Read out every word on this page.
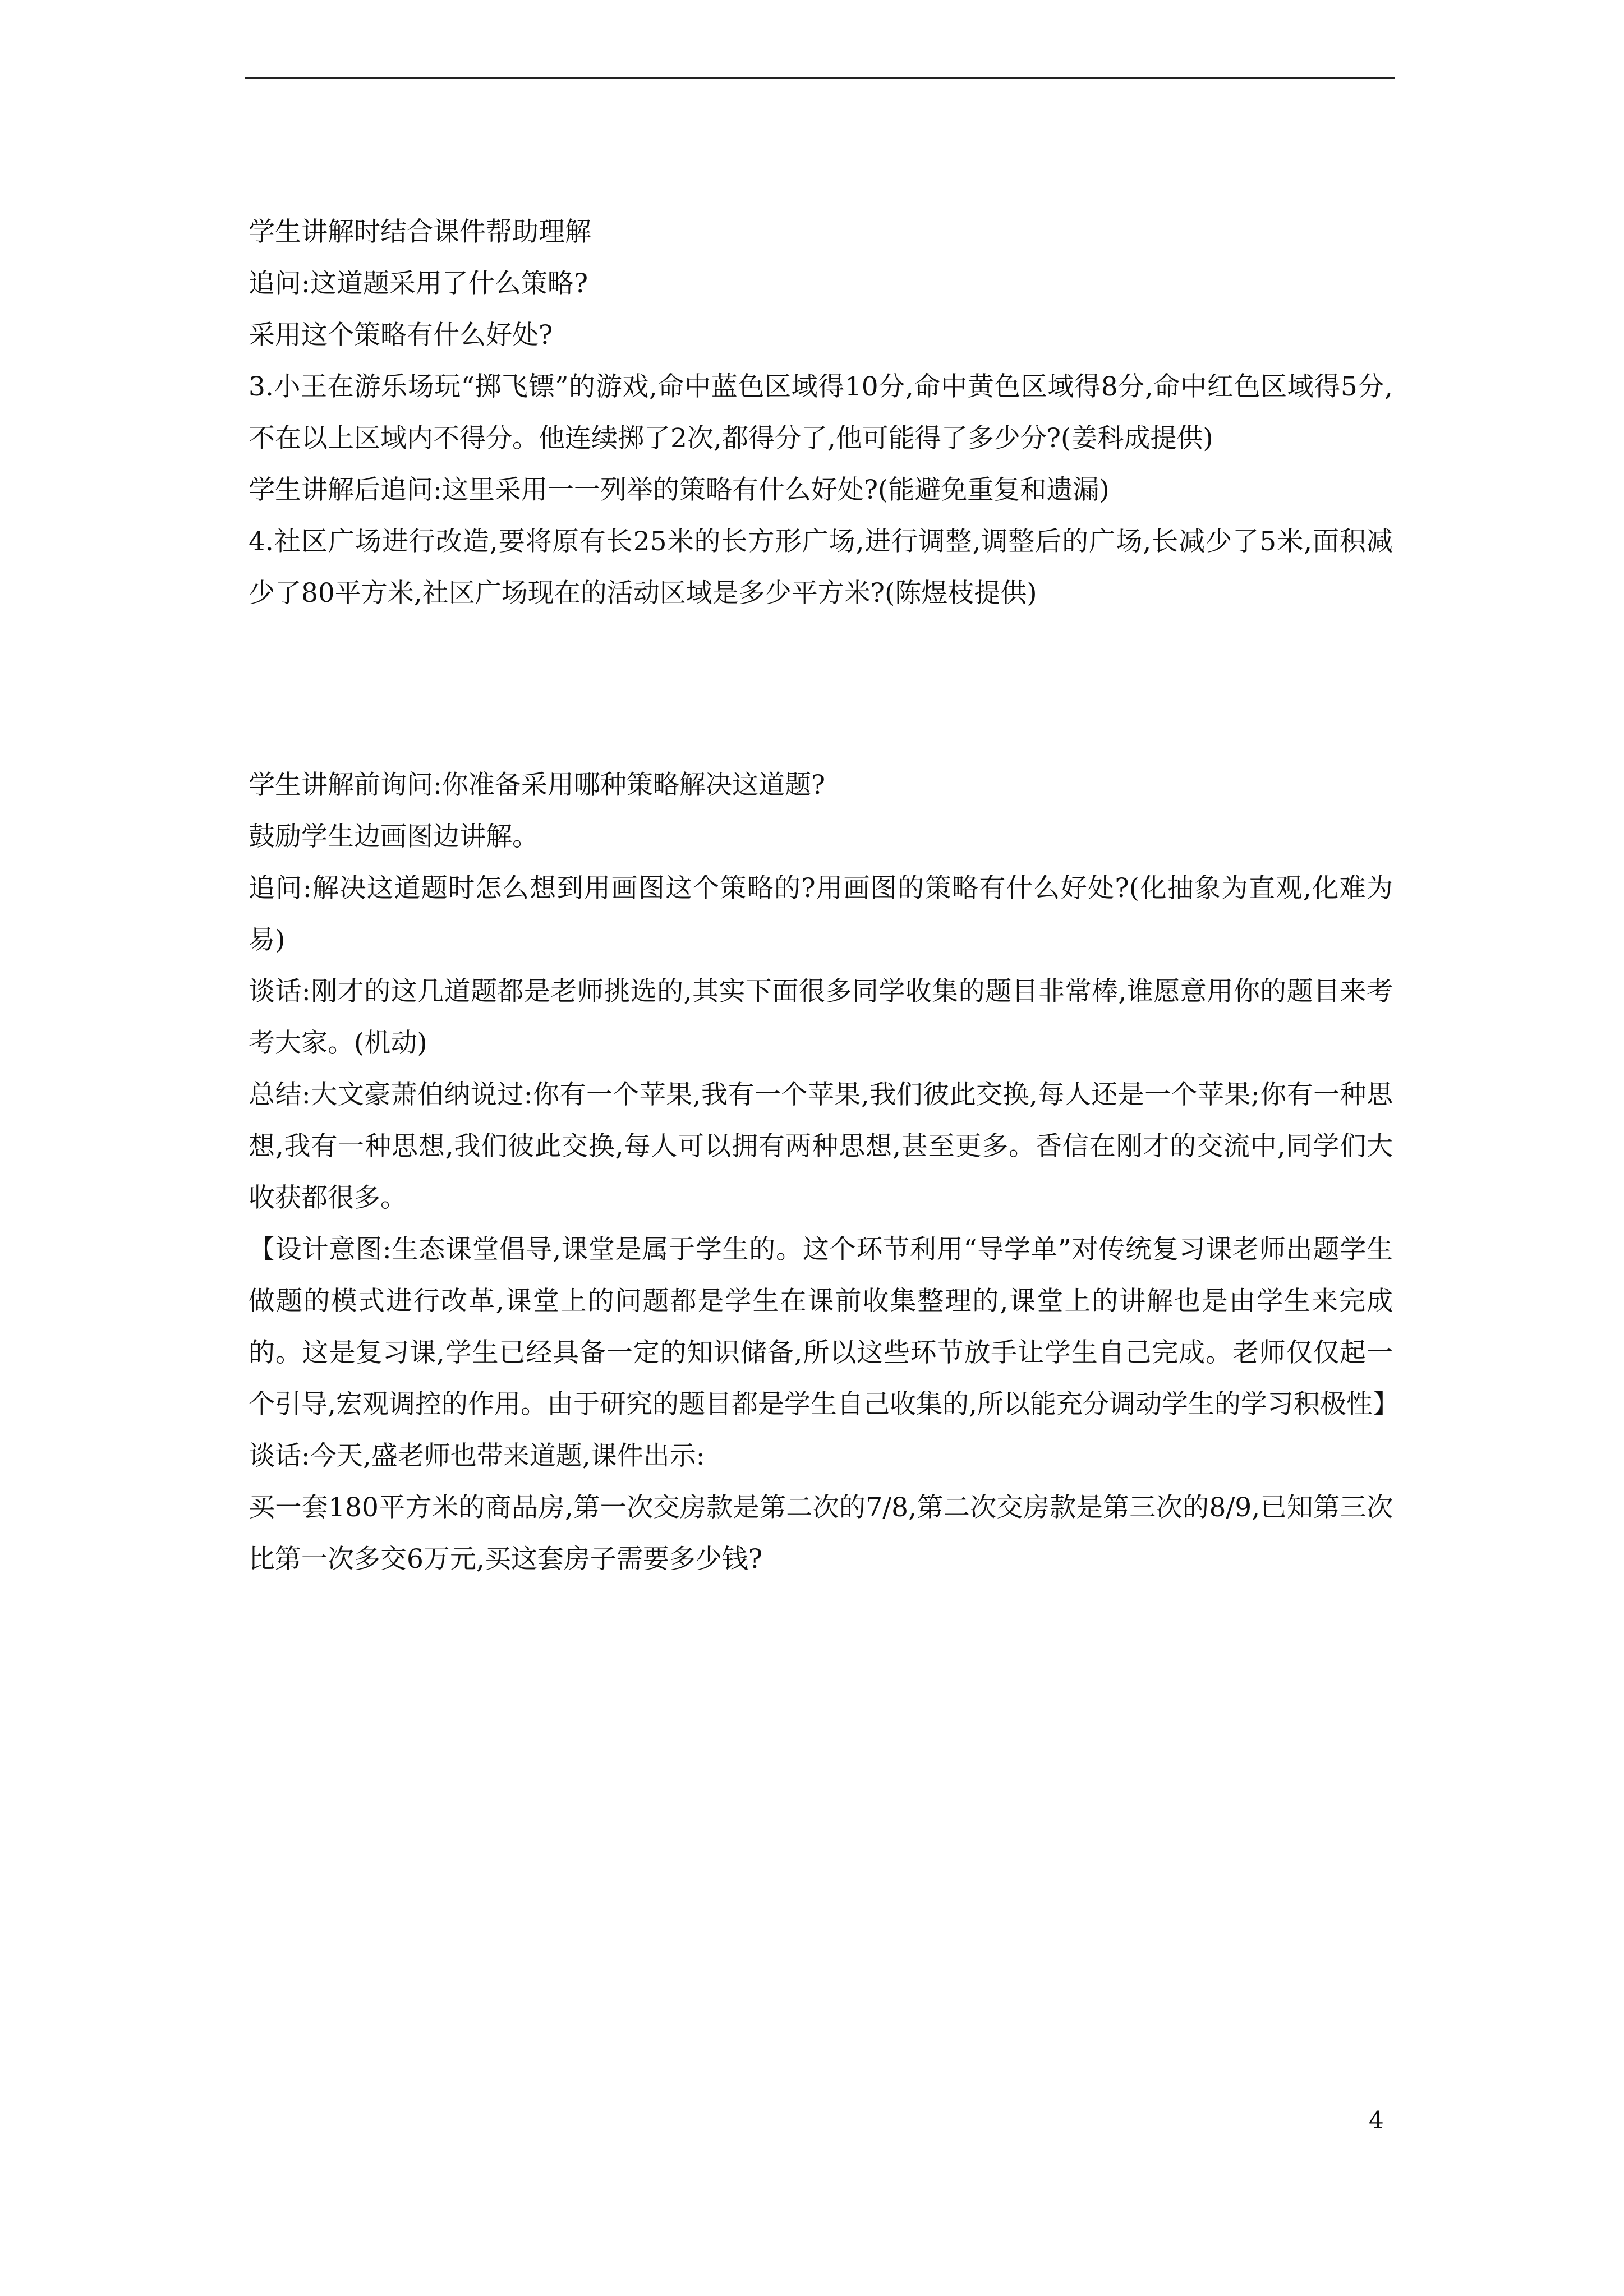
学生讲解时结合课件帮助理解

追问:这道题采用了什么策略?

采用这个策略有什么好处?

3.小王在游乐场玩“掷飞镖”的游戏,命中蓝色区域得10分,命中黄色区域得8分,命中红色区域得5分,不在以上区域内不得分。他连续掷了2次,都得分了,他可能得了多少分?(姜科成提供)

学生讲解后追问:这里采用一一列举的策略有什么好处?(能避免重复和遗漏)

4.社区广场进行改造,要将原有长25米的长方形广场,进行调整,调整后的广场,长减少了5米,面积减少了80平方米,社区广场现在的活动区域是多少平方米?(陈煜枝提供)

学生讲解前询问:你准备采用哪种策略解决这道题?

鼓励学生边画图边讲解。

追问:解决这道题时怎么想到用画图这个策略的?用画图的策略有什么好处?(化抽象为直观,化难为易)

谈话:刚才的这几道题都是老师挑选的,其实下面很多同学收集的题目非常棒,谁愿意用你的题目来考考大家。(机动)

总结:大文豪萧伯纳说过:你有一个苹果,我有一个苹果,我们彼此交换,每人还是一个苹果;你有一种思想,我有一种思想,我们彼此交换,每人可以拥有两种思想,甚至更多。香信在刚才的交流中,同学们大收获都很多。

【设计意图:生态课堂倡导,课堂是属于学生的。这个环节利用“导学单”对传统复习课老师出题学生做题的模式进行改革,课堂上的问题都是学生在课前收集整理的,课堂上的讲解也是由学生来完成的。这是复习课,学生已经具备一定的知识储备,所以这些环节放手让学生自己完成。老师仅仅起一个引导,宏观调控的作用。由于研究的题目都是学生自己收集的,所以能充分调动学生的学习积极性】

谈话:今天,盛老师也带来道题,课件出示:

买一套180平方米的商品房,第一次交房款是第二次的7/8,第二次交房款是第三次的8/9,已知第三次比第一次多交6万元,买这套房子需要多少钱?

4
